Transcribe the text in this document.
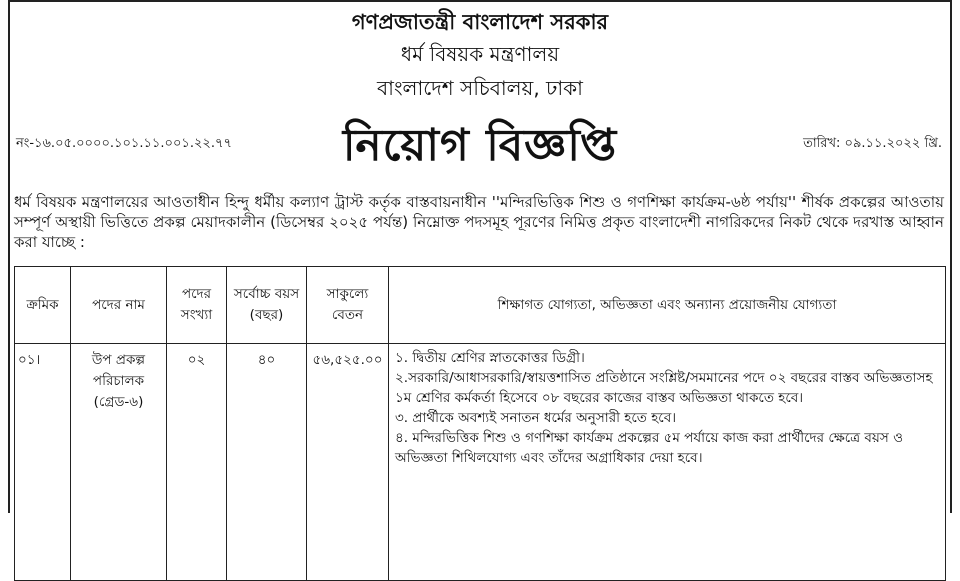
গণপ্রজাতন্ত্রী বাংলাদেশ সরকার
ধর্ম বিষয়ক মন্ত্রণালয়
বাংলাদেশ সচিবালয়, ঢাকা
নং-১৬.০৫.০০০০.১০১.১১.০০১.২২.৭৭	নিয়োগ বিজ্ঞপ্তি	তারিখ: ০৯.১১.২০২২ খ্রি.
ধর্ম বিষয়ক মন্ত্রণালয়ের আওতাধীন হিন্দু ধর্মীয় কল্যাণ ট্রাস্ট কর্তৃক বাস্তবায়নাধীন ''মন্দিরভিত্তিক শিশু ও গণশিক্ষা কার্যক্রম-৬ষ্ঠ পর্যায়'' শীর্ষক প্রকল্পের আওতায় সম্পূর্ণ অস্থায়ী ভিত্তিতে প্রকল্প মেয়াদকালীন (ডিসেম্বর ২০২৫ পর্যন্ত) নিম্নোক্ত পদসমূহ পূরণের নিমিত্ত প্রকৃত বাংলাদেশী নাগরিকদের নিকট থেকে দরখাস্ত আহ্বান করা যাচ্ছে :
ক্রমিক	পদের নাম	পদের সংখ্যা	সর্বোচ্চ বয়স (বছর)	সাকুল্যে বেতন	শিক্ষাগত যোগ্যতা, অভিজ্ঞতা এবং অন্যান্য প্রয়োজনীয় যোগ্যতা
০১।	উপ প্রকল্প পরিচালক (গ্রেড-৬)	০২	৪০	৫৬,৫২৫.০০	১. দ্বিতীয় শ্রেণির স্নাতকোত্তর ডিগ্রী।
২.সরকারি/আধাসরকারি/স্বায়ত্তশাসিত প্রতিষ্ঠানে সংশ্লিষ্ট/সমমানের পদে ০২ বছরের বাস্তব অভিজ্ঞতাসহ ১ম শ্রেণির কর্মকর্তা হিসেবে ০৮ বছরের কাজের বাস্তব অভিজ্ঞতা থাকতে হবে।
৩. প্রার্থীকে অবশ্যই সনাতন ধর্মের অনুসারী হতে হবে।
৪. মন্দিরভিত্তিক শিশু ও গণশিক্ষা কার্যক্রম প্রকল্পের ৫ম পর্যায়ে কাজ করা প্রার্থীদের ক্ষেত্রে বয়স ও অভিজ্ঞতা শিথিলযোগ্য এবং তাঁদের অগ্রাধিকার দেয়া হবে।
